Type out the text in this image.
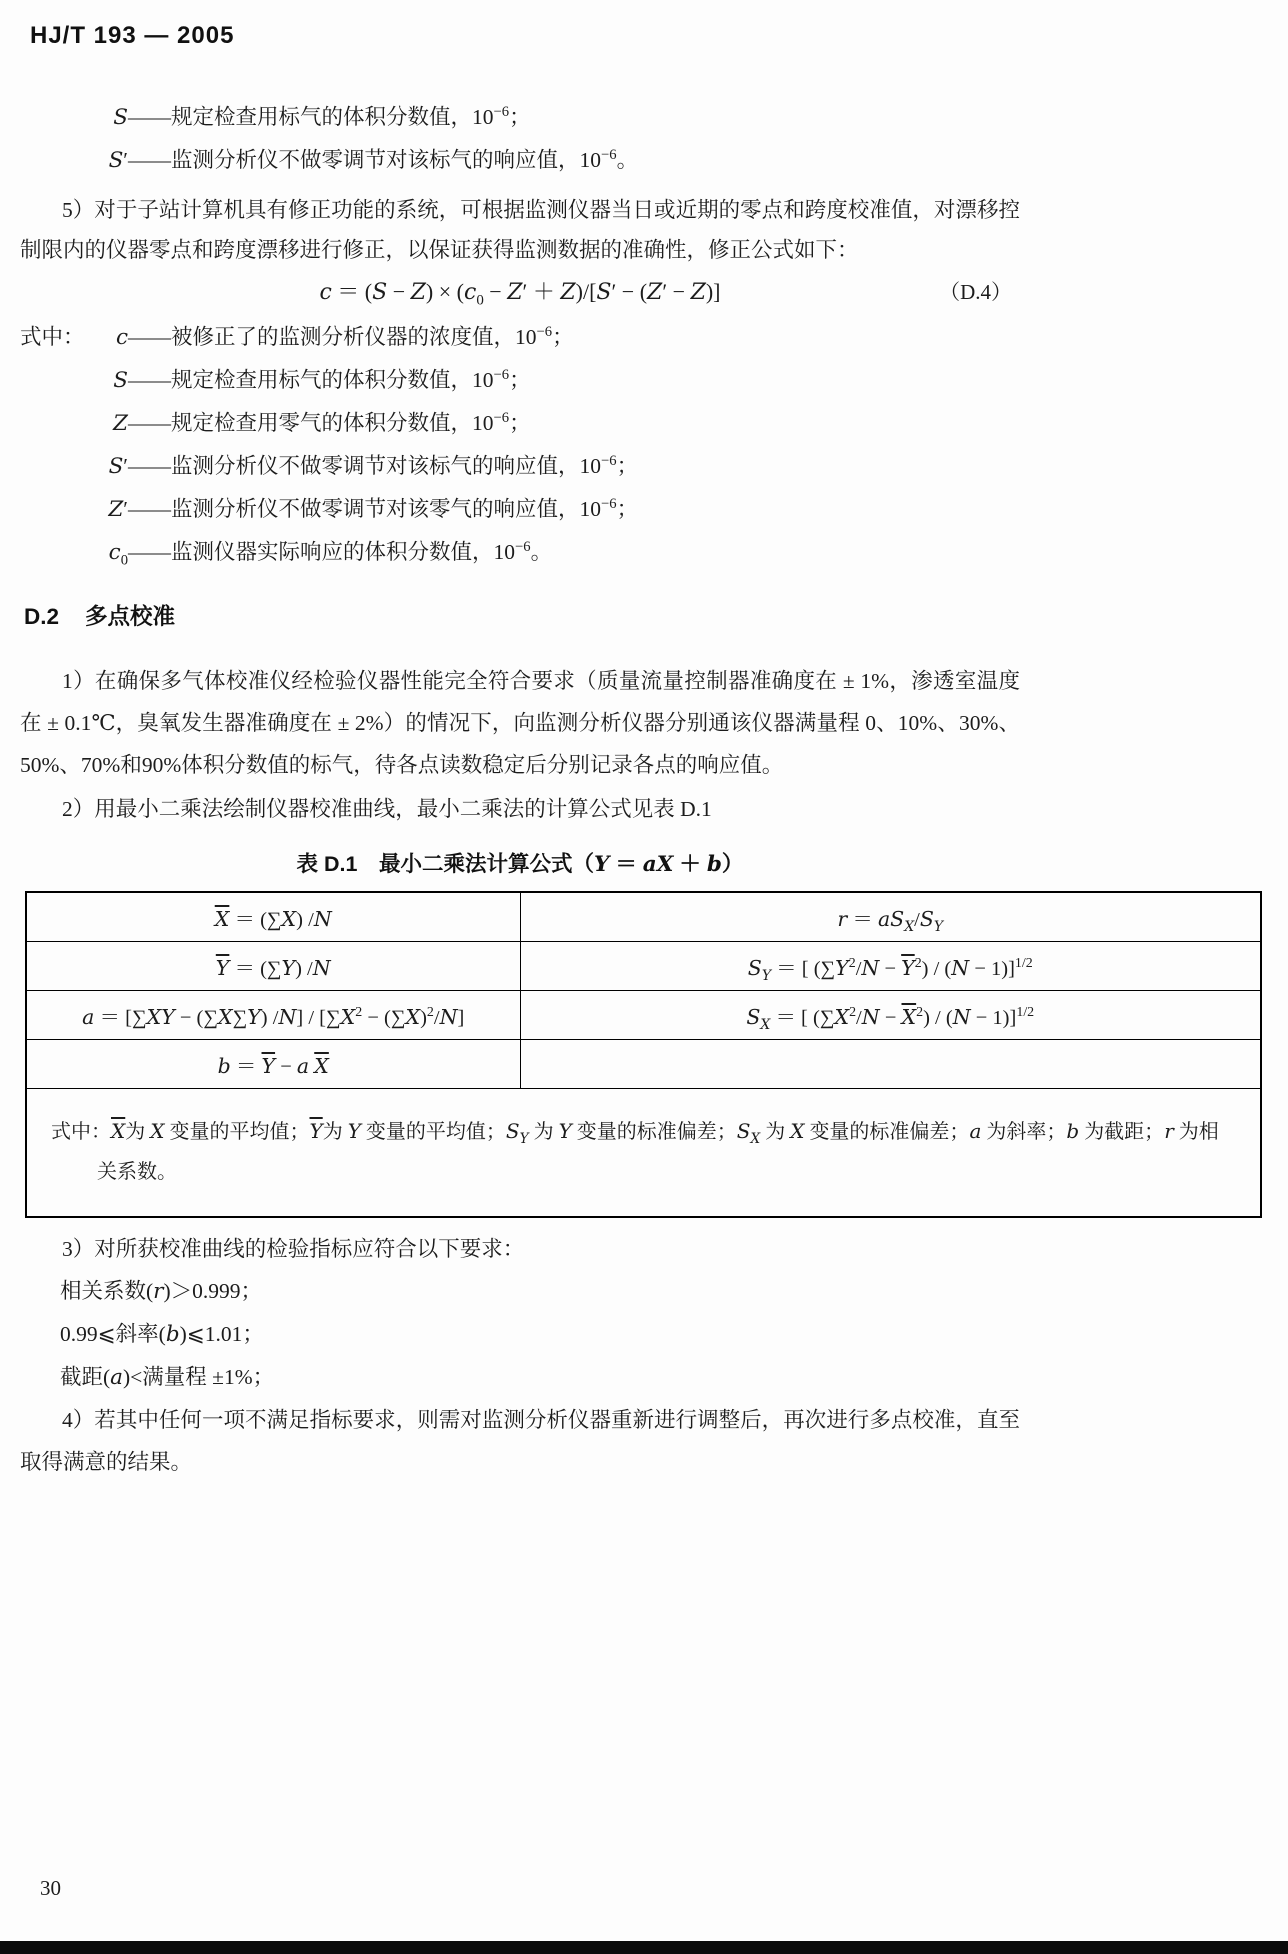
HJ/T 193 — 2005
S ——规定检查用标气的体积分数值，$10^{-6}$；
S′ ——监测分析仪不做零调节对该标气的响应值，$10^{-6}$。
5）对于子站计算机具有修正功能的系统，可根据监测仪器当日或近期的零点和跨度校准值，对漂移控制限内的仪器零点和跨度漂移进行修正，以保证获得监测数据的准确性，修正公式如下：
$c = (S - Z) \times (c_0 - Z' + Z)/[S' - (Z' - Z)]$	（D.4）
式中：	c ——被修正了的监测分析仪器的浓度值，$10^{-6}$；
S ——规定检查用标气的体积分数值，$10^{-6}$；
Z ——规定检查用零气的体积分数值，$10^{-6}$；
S′ ——监测分析仪不做零调节对该标气的响应值，$10^{-6}$；
Z′ ——监测分析仪不做零调节对该零气的响应值，$10^{-6}$；
$c_0$ ——监测仪器实际响应的体积分数值，$10^{-6}$。
D.2 多点校准
1）在确保多气体校准仪经检验仪器性能完全符合要求（质量流量控制器准确度在 ± 1%，渗透室温度在 ± 0.1℃，臭氧发生器准确度在 ± 2%）的情况下，向监测分析仪器分别通该仪器满量程 0、10%、30%、50%、70%和90%体积分数值的标气，待各点读数稳定后分别记录各点的响应值。
2）用最小二乘法绘制仪器校准曲线，最小二乘法的计算公式见表 D.1
表 D.1　最小二乘法计算公式（Y ＝ aX ＋ b）
$\overline{X} = (\sum X)$ /N	$r = aS_X/S_Y$
$\overline{Y} = (\sum Y)$ /N	$S_Y$ ＝ [ $(\sum Y^2/N - \overline{Y}^2) / (N - 1)]^{1/2}$
a ＝ [∑XY − (∑X∑Y) $/N] / [\sum X^2 - (\sum X)^2/N]$	$S_X$ ＝ [ $(\sum X^2/N - \overline{X}^2) / (N - 1)]^{1/2}$
$b = \overline{Y} - a$ $\overline{X}$	
式中：$\overline{X}$为 X 变量的平均值；$\overline{Y}$为 Y 变量的平均值；$S_Y$ 为 Y 变量的标准偏差；$S_X$ 为 X 变量的标准偏差；a 为斜率；b 为截距；r 为相关系数。	
3）对所获校准曲线的检验指标应符合以下要求：
相关系数(r)＞0.999；
0.99⩽斜率(b)⩽1.01；
截距(a)<满量程 ±1%；
4）若其中任何一项不满足指标要求，则需对监测分析仪器重新进行调整后，再次进行多点校准，直至取得满意的结果。
30
